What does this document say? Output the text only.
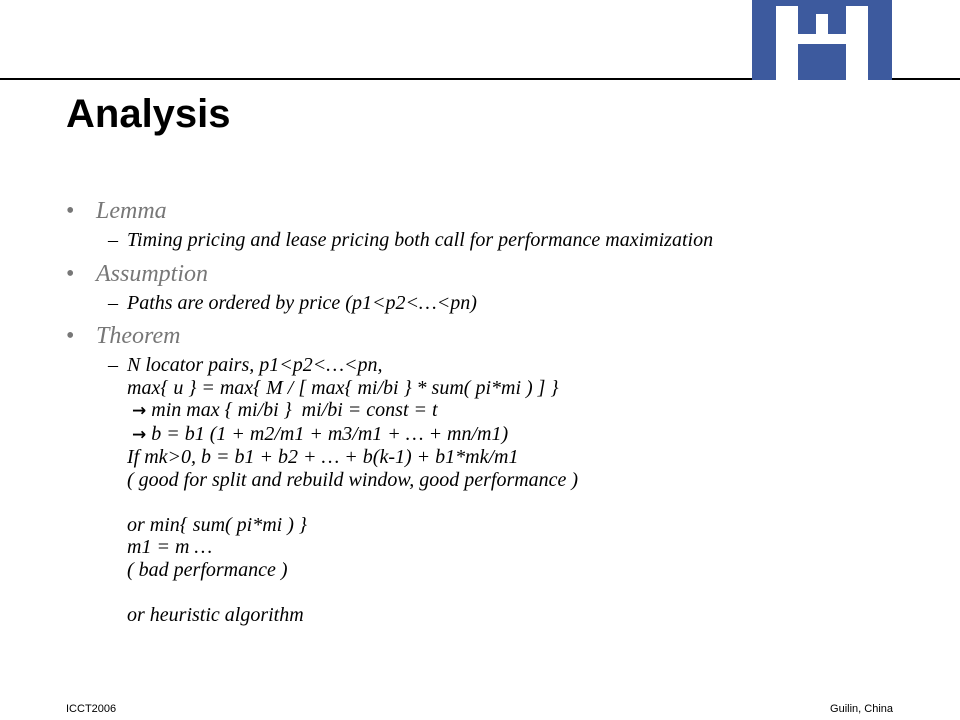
Analysis
• Lemma
– Timing pricing and lease pricing both call for performance maximization
• Assumption
– Paths are ordered by price (p1<p2<…<pn)
• Theorem
– N locator pairs, p1<p2<…<pn,
max{ u } = max{ M / [ max{ mi/bi } * sum( pi*mi ) ] }
→ min max { mi/bi }  mi/bi = const = t
→ b = b1 (1 + m2/m1 + m3/m1 + … + mn/m1)
If mk>0, b = b1 + b2 + … + b(k-1) + b1*mk/m1
( good for split and rebuild window, good performance )
or min{ sum( pi*mi ) }
m1 = m …
( bad performance )
or heuristic algorithm
ICCT2006	Guilin, China
